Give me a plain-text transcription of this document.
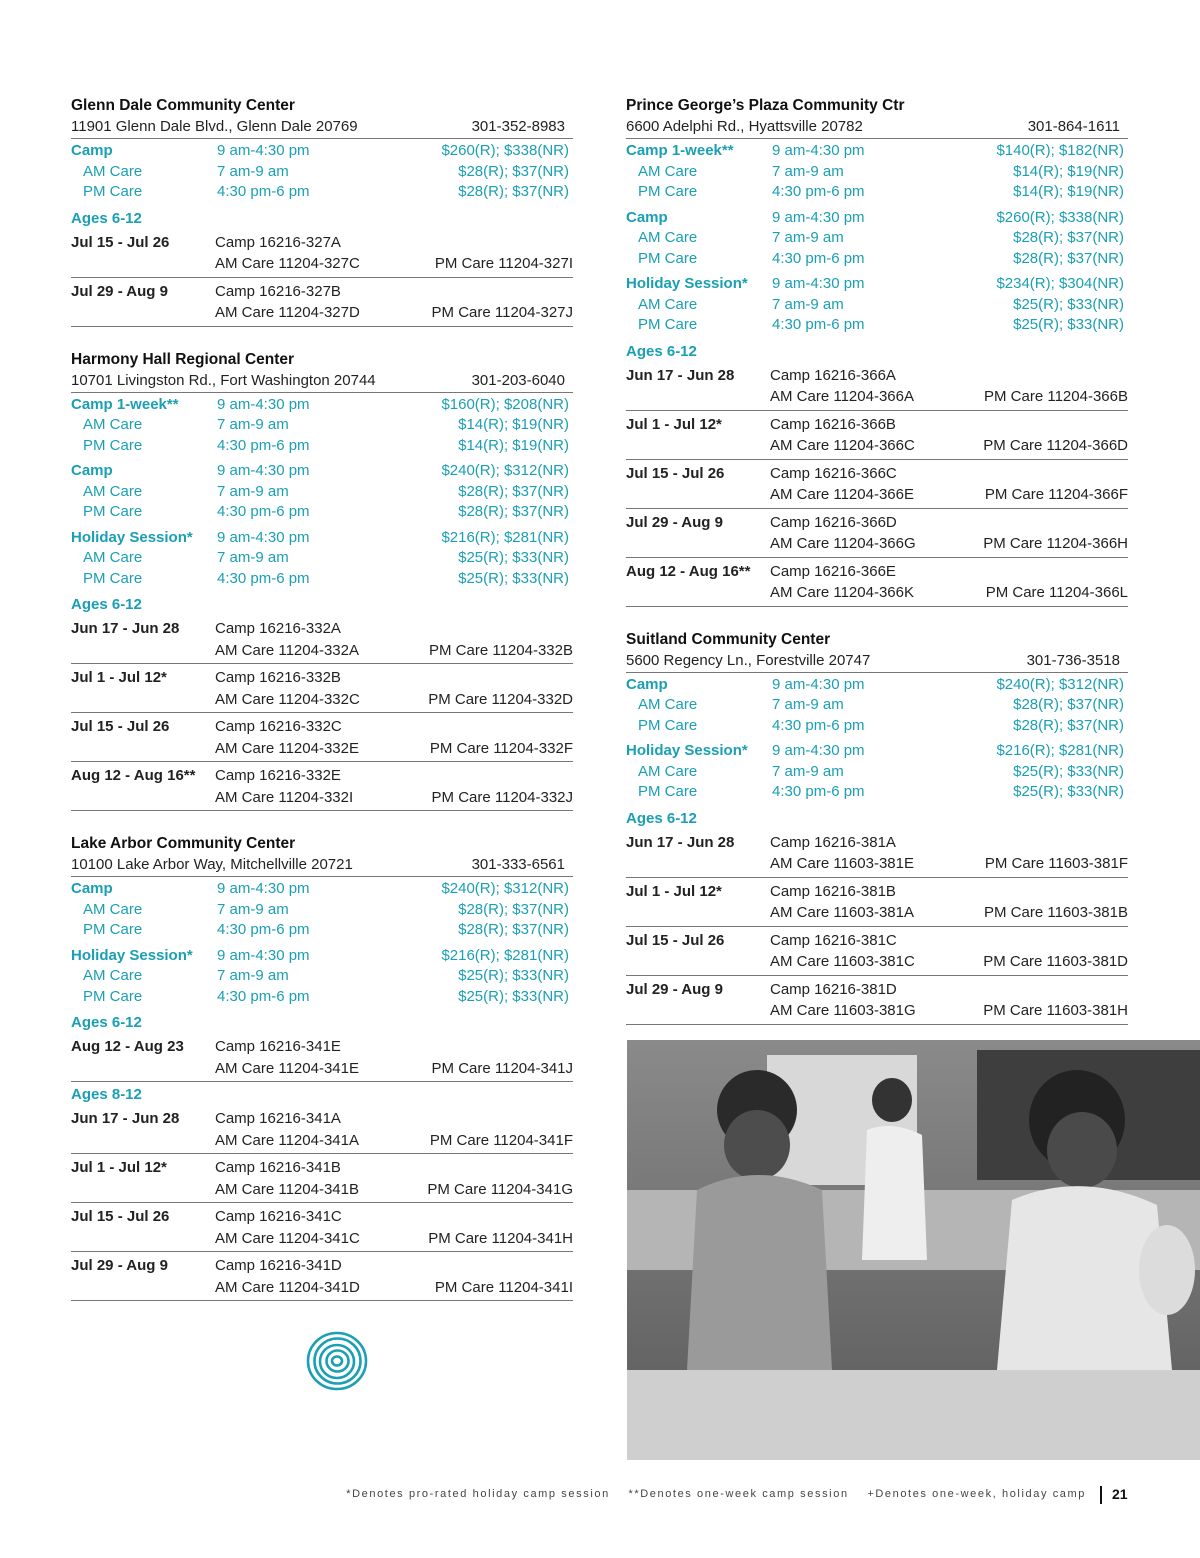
Glenn Dale Community Center
11901 Glenn Dale Blvd., Glenn Dale 20769	301-352-8983
Camp	9 am-4:30 pm	$260(R); $338(NR)
AM Care	7 am-9 am	$28(R); $37(NR)
PM Care	4:30 pm-6 pm	$28(R); $37(NR)
Ages 6-12
Jul 15 - Jul 26	Camp 16216-327A
AM Care 11204-327C	PM Care 11204-327I
Jul 29 - Aug 9	Camp 16216-327B
AM Care 11204-327D	PM Care 11204-327J
Harmony Hall Regional Center
10701 Livingston Rd., Fort Washington 20744	301-203-6040
Camp 1-week**	9 am-4:30 pm	$160(R); $208(NR)
AM Care	7 am-9 am	$14(R); $19(NR)
PM Care	4:30 pm-6 pm	$14(R); $19(NR)
Camp	9 am-4:30 pm	$240(R); $312(NR)
AM Care	7 am-9 am	$28(R); $37(NR)
PM Care	4:30 pm-6 pm	$28(R); $37(NR)
Holiday Session*	9 am-4:30 pm	$216(R); $281(NR)
AM Care	7 am-9 am	$25(R); $33(NR)
PM Care	4:30 pm-6 pm	$25(R); $33(NR)
Ages 6-12
Jun 17 - Jun 28	Camp 16216-332A
AM Care 11204-332A	PM Care 11204-332B
Jul 1 - Jul 12*	Camp 16216-332B
AM Care 11204-332C	PM Care 11204-332D
Jul 15 - Jul 26	Camp 16216-332C
AM Care 11204-332E	PM Care 11204-332F
Aug 12 - Aug 16**	Camp 16216-332E
AM Care 11204-332I	PM Care 11204-332J
Lake Arbor Community Center
10100 Lake Arbor Way, Mitchellville 20721	301-333-6561
Camp	9 am-4:30 pm	$240(R); $312(NR)
AM Care	7 am-9 am	$28(R); $37(NR)
PM Care	4:30 pm-6 pm	$28(R); $37(NR)
Holiday Session*	9 am-4:30 pm	$216(R); $281(NR)
AM Care	7 am-9 am	$25(R); $33(NR)
PM Care	4:30 pm-6 pm	$25(R); $33(NR)
Ages 6-12
Aug 12 - Aug 23	Camp 16216-341E
AM Care 11204-341E	PM Care 11204-341J
Ages 8-12
Jun 17 - Jun 28	Camp 16216-341A
AM Care 11204-341A	PM Care 11204-341F
Jul 1 - Jul 12*	Camp 16216-341B
AM Care 11204-341B	PM Care 11204-341G
Jul 15 - Jul 26	Camp 16216-341C
AM Care 11204-341C	PM Care 11204-341H
Jul 29 - Aug 9	Camp 16216-341D
AM Care 11204-341D	PM Care 11204-341I
Prince George’s Plaza Community Ctr
6600 Adelphi Rd., Hyattsville 20782	301-864-1611
Camp 1-week**	9 am-4:30 pm	$140(R); $182(NR)
AM Care	7 am-9 am	$14(R); $19(NR)
PM Care	4:30 pm-6 pm	$14(R); $19(NR)
Camp	9 am-4:30 pm	$260(R); $338(NR)
AM Care	7 am-9 am	$28(R); $37(NR)
PM Care	4:30 pm-6 pm	$28(R); $37(NR)
Holiday Session*	9 am-4:30 pm	$234(R); $304(NR)
AM Care	7 am-9 am	$25(R); $33(NR)
PM Care	4:30 pm-6 pm	$25(R); $33(NR)
Ages 6-12
Jun 17 - Jun 28	Camp 16216-366A
AM Care 11204-366A	PM Care 11204-366B
Jul 1 - Jul 12*	Camp 16216-366B
AM Care 11204-366C	PM Care 11204-366D
Jul 15 - Jul 26	Camp 16216-366C
AM Care 11204-366E	PM Care 11204-366F
Jul 29 - Aug 9	Camp 16216-366D
AM Care 11204-366G	PM Care 11204-366H
Aug 12 - Aug 16**	Camp 16216-366E
AM Care 11204-366K	PM Care 11204-366L
Suitland Community Center
5600 Regency Ln., Forestville 20747	301-736-3518
Camp	9 am-4:30 pm	$240(R); $312(NR)
AM Care	7 am-9 am	$28(R); $37(NR)
PM Care	4:30 pm-6 pm	$28(R); $37(NR)
Holiday Session*	9 am-4:30 pm	$216(R); $281(NR)
AM Care	7 am-9 am	$25(R); $33(NR)
PM Care	4:30 pm-6 pm	$25(R); $33(NR)
Ages 6-12
Jun 17 - Jun 28	Camp 16216-381A
AM Care 11603-381E	PM Care 11603-381F
Jul 1 - Jul 12*	Camp 16216-381B
AM Care 11603-381A	PM Care 11603-381B
Jul 15 - Jul 26	Camp 16216-381C
AM Care 11603-381C	PM Care 11603-381D
Jul 29 - Aug 9	Camp 16216-381D
AM Care 11603-381G	PM Care 11603-381H
*Denotes pro-rated holiday camp session **Denotes one-week camp session +Denotes one-week, holiday camp 21
